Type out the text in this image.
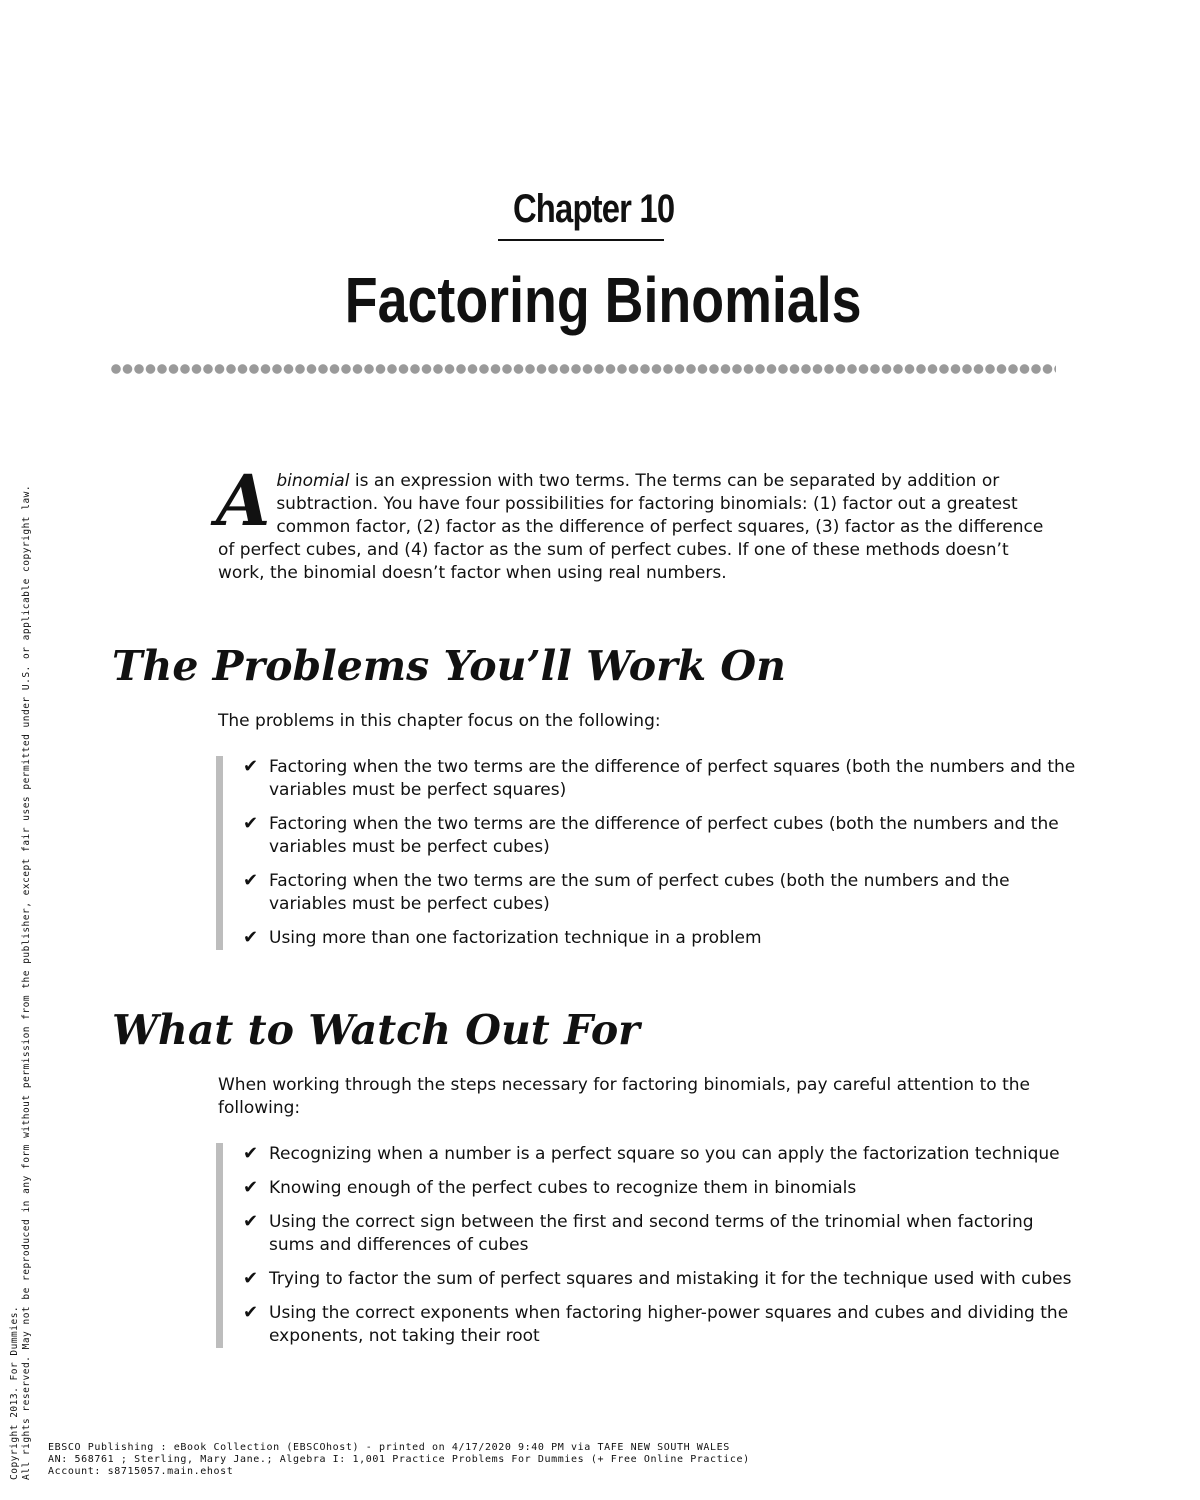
Chapter 10
Factoring Binomials

Abinomial is an expression with two terms. The terms can be separated by addition or subtraction. You have four possibilities for factoring binomials: (1) factor out a greatest common factor, (2) factor as the difference of perfect squares, (3) factor as the difference of perfect cubes, and (4) factor as the sum of perfect cubes. If one of these methods doesn’t work, the binomial doesn’t factor when using real numbers.

The Problems You’ll Work On

The problems in this chapter focus on the following:

✔ Factoring when the two terms are the difference of perfect squares (both the numbers and the variables must be perfect squares)
✔ Factoring when the two terms are the difference of perfect cubes (both the numbers and the variables must be perfect cubes)
✔ Factoring when the two terms are the sum of perfect cubes (both the numbers and the variables must be perfect cubes)
✔ Using more than one factorization technique in a problem
What to Watch Out For

When working through the steps necessary for factoring binomials, pay careful attention to the following:

✔ Recognizing when a number is a perfect square so you can apply the factorization technique
✔ Knowing enough of the perfect cubes to recognize them in binomials
✔ Using the correct sign between the first and second terms of the trinomial when factoring sums and differences of cubes
✔ Trying to factor the sum of perfect squares and mistaking it for the technique used with cubes
✔ Using the correct exponents when factoring higher-power squares and cubes and dividing the exponents, not taking their root
Copyright 2013. For Dummies. All rights reserved. May not be reproduced in any form without permission from the publisher, except fair uses permitted under U.S. or applicable copyright law. EBSCO Publishing : eBook Collection (EBSCOhost) - printed on 4/17/2020 9:40 PM via TAFE NEW SOUTH WALES
AN: 568761 ; Sterling, Mary Jane.; Algebra I: 1,001 Practice Problems For Dummies (+ Free Online Practice)
Account: s8715057.main.ehost
